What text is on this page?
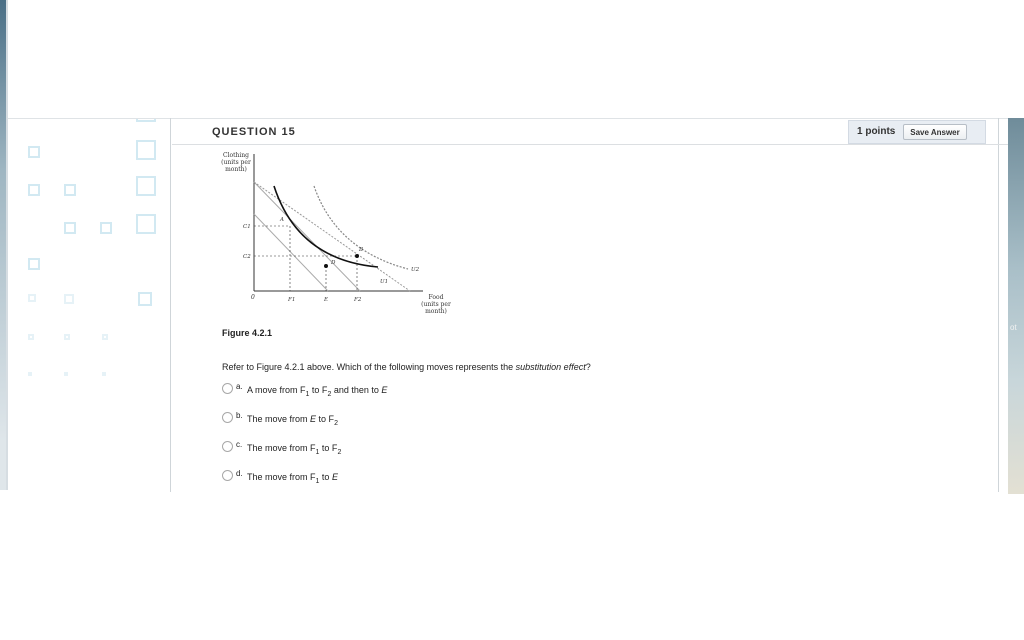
ot
QUESTION 15	1 points	Save Answer
Clothing
(units per
month)
Food
(units per
month)
0
A
B
D
U2
U1
C1
C2
F1	E	F2
Figure 4.2.1
Refer to Figure 4.2.1 above. Which of the following moves represents the substitution effect?
a. A move from $F_1$ to $F_2$ and then to E
b. The move from E to $F_2$
c. The move from $F_1$ to $F_2$
d. The move from $F_1$ to E
